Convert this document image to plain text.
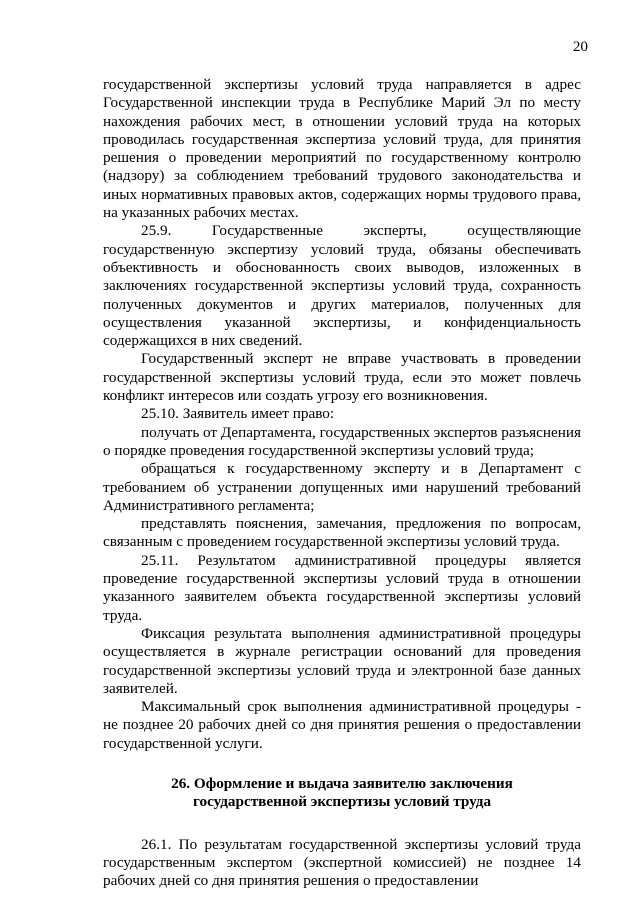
20

государственной экспертизы условий труда направляется в адрес Государственной инспекции труда в Республике Марий Эл по месту нахождения рабочих мест, в отношении условий труда на которых проводилась государственная экспертиза условий труда, для принятия решения о проведении мероприятий по государственному контролю (надзору) за соблюдением требований трудового законодательства и иных нормативных правовых актов, содержащих нормы трудового права, на указанных рабочих местах.

25.9. Государственные эксперты, осуществляющие государственную экспертизу условий труда, обязаны обеспечивать объективность и обоснованность своих выводов, изложенных в заключениях государственной экспертизы условий труда, сохранность полученных документов и других материалов, полученных для осуществления указанной экспертизы, и конфиденциальность содержащихся в них сведений.

Государственный эксперт не вправе участвовать в проведении государственной экспертизы условий труда, если это может повлечь конфликт интересов или создать угрозу его возникновения.

25.10. Заявитель имеет право:

получать от Департамента, государственных экспертов разъяснения о порядке проведения государственной экспертизы условий труда;

обращаться к государственному эксперту и в Департамент с требованием об устранении допущенных ими нарушений требований Административного регламента;

представлять пояснения, замечания, предложения по вопросам, связанным с проведением государственной экспертизы условий труда.

25.11. Результатом административной процедуры является проведение государственной экспертизы условий труда в отношении указанного заявителем объекта государственной экспертизы условий труда.

Фиксация результата выполнения административной процедуры осуществляется в журнале регистрации оснований для проведения государственной экспертизы условий труда и электронной базе данных заявителей.

Максимальный срок выполнения административной процедуры - не позднее 20 рабочих дней со дня принятия решения о предоставлении государственной услуги.

26. Оформление и выдача заявителю заключения
государственной экспертизы условий труда

26.1. По результатам государственной экспертизы условий труда государственным экспертом (экспертной комиссией) не позднее 14 рабочих дней со дня принятия решения о предоставлении
